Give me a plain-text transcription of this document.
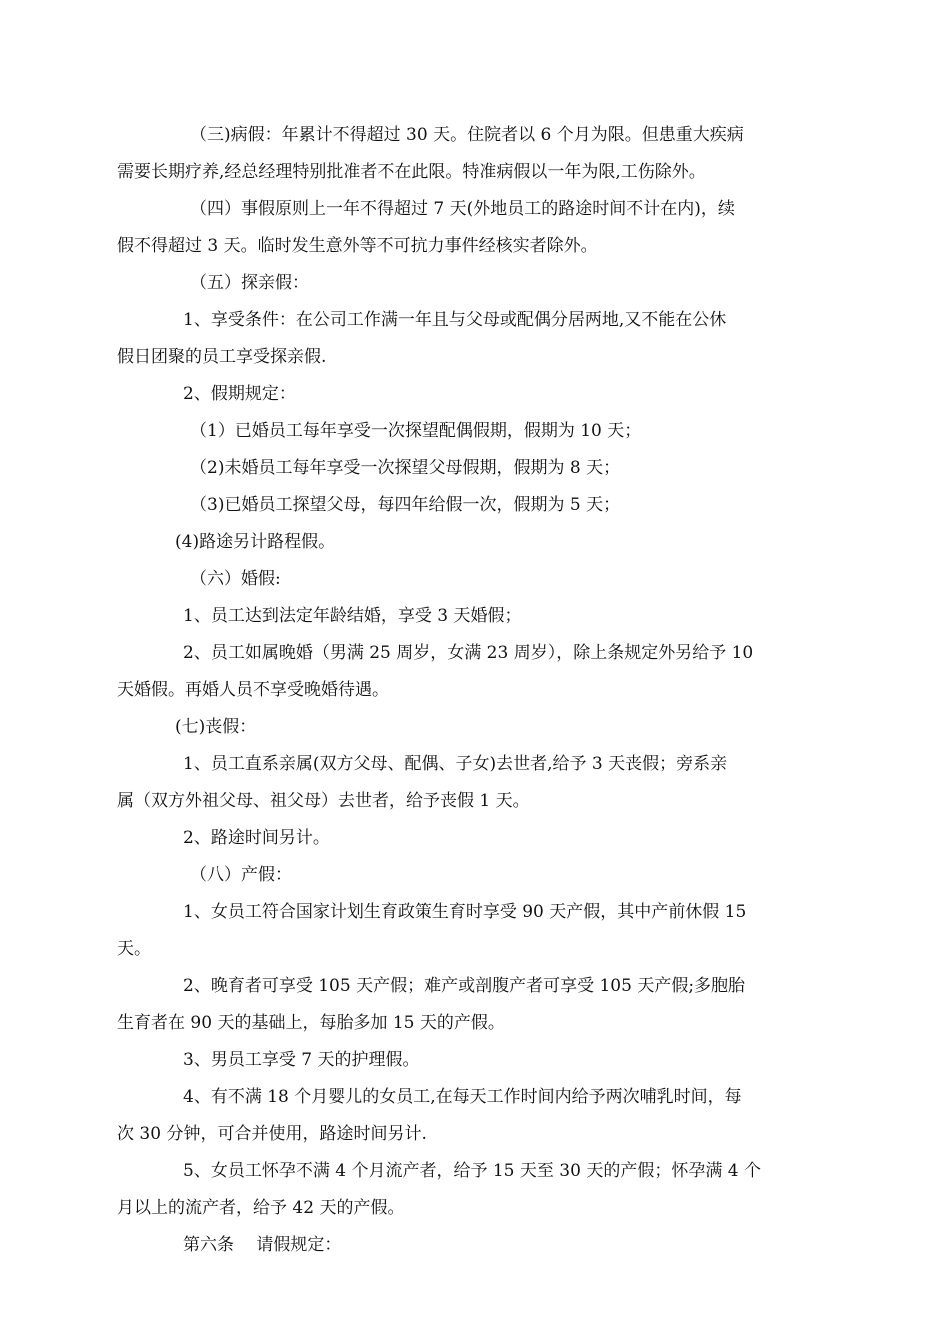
（三)病假：年累计不得超过 30 天。住院者以 6 个月为限。但患重大疾病

需要长期疗养,经总经理特别批准者不在此限。特准病假以一年为限,工伤除外。

（四）事假原则上一年不得超过 7 天(外地员工的路途时间不计在内)，续

假不得超过 3 天。临时发生意外等不可抗力事件经核实者除外。

（五）探亲假：

1、享受条件：在公司工作满一年且与父母或配偶分居两地,又不能在公休

假日团聚的员工享受探亲假.

2、假期规定：

（1）已婚员工每年享受一次探望配偶假期，假期为 10 天；

（2)未婚员工每年享受一次探望父母假期，假期为 8 天；

（3)已婚员工探望父母，每四年给假一次，假期为 5 天；

(4)路途另计路程假。

（六）婚假:

1、员工达到法定年龄结婚，享受 3 天婚假；

2、员工如属晚婚（男满 25 周岁，女满 23 周岁），除上条规定外另给予 10

天婚假。再婚人员不享受晚婚待遇。

(七)丧假：

1、员工直系亲属(双方父母、配偶、子女)去世者,给予 3 天丧假；旁系亲

属（双方外祖父母、祖父母）去世者，给予丧假 1 天。

2、路途时间另计。

（八）产假：

1、女员工符合国家计划生育政策生育时享受 90 天产假，其中产前休假 15

天。

2、晚育者可享受 105 天产假；难产或剖腹产者可享受 105 天产假;多胞胎

生育者在 90 天的基础上，每胎多加 15 天的产假。

3、男员工享受 7 天的护理假。

4、有不满 18 个月婴儿的女员工,在每天工作时间内给予两次哺乳时间，每

次 30 分钟，可合并使用，路途时间另计.

5、女员工怀孕不满 4 个月流产者，给予 15 天至 30 天的产假；怀孕满 4 个

月以上的流产者，给予 42 天的产假。

第六条　 请假规定：
